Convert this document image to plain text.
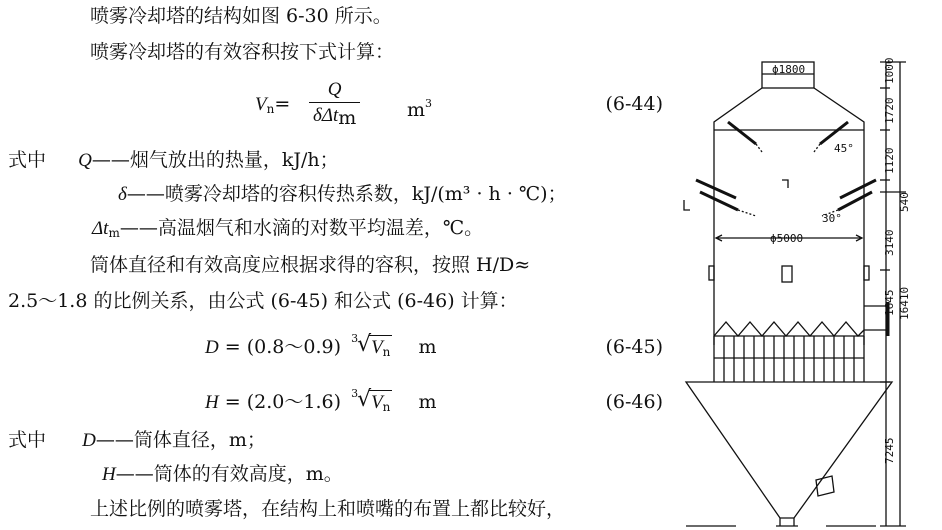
喷雾冷却塔的结构如图 6-30 所示。
喷雾冷却塔的有效容积按下式计算：
$V_n=$
Q
δΔtm	$m^3$	(6-44)
式中 Q——烟气放出的热量，kJ/h；
δ——喷雾冷却塔的容积传热系数，kJ/(m³ · h · ℃)；
$\Delta t_m——$高温烟气和水滴的对数平均温差，℃。
筒体直径和有效高度应根据求得的容积，按照 H/D≈
2.5～1.8 的比例关系，由公式 (6-45) 和公式 (6-46) 计算：
D = (0.8～0.9) 3 √ $V_n$ m	(6-45)
H = (2.0～1.6) 3 √ $V_n$ m	(6-46)
式中 D——筒体直径，m；
H——筒体的有效高度，m。
上述比例的喷雾塔，在结构上和喷嘴的布置上都比较好，
ϕ1800
ϕ5000
45°
30°
1000
1720
1120
540
3140
1645 16410
7245
